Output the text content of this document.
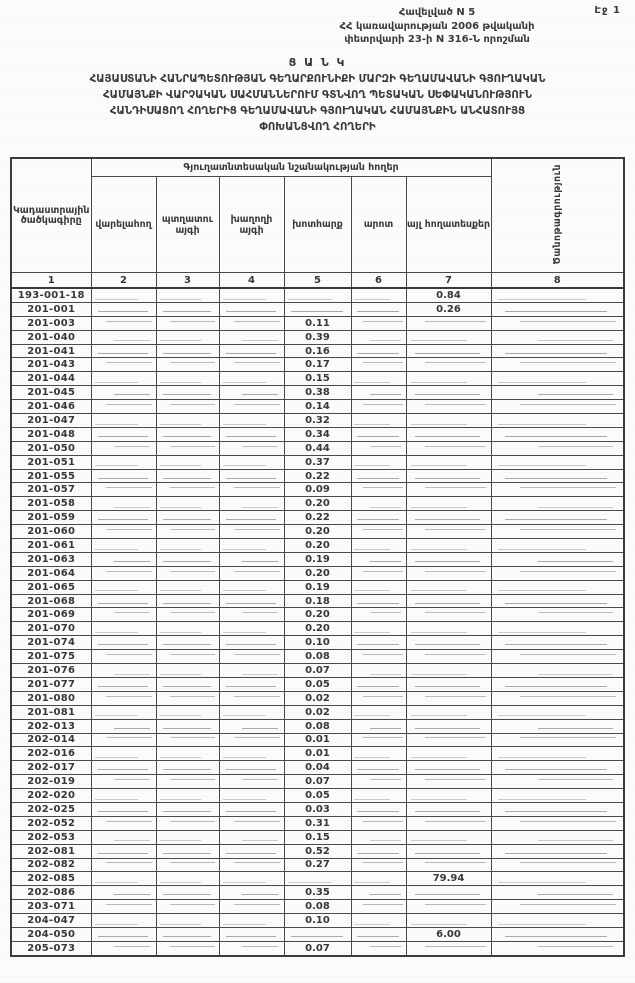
Էջ 1
Հավելված N 5
ՀՀ կառավարության 2006 թվականի
փետրվարի 23-ի N 316-Ն որոշման
Ց Ա Ն Կ
ՀԱՅԱՍՏԱՆԻ ՀԱՆՐԱՊԵՏՈՒԹՅԱՆ ԳԵՂԱՐՔՈՒՆԻՔԻ ՄԱՐԶԻ ԳԵՂԱՄԱՎԱՆԻ ԳՅՈՒՂԱԿԱՆ
ՀԱՄԱՅՆՔԻ ՎԱՐՉԱԿԱՆ ՍԱՀՄԱՆՆԵՐՈՒՄ ԳՏՆՎՈՂ ՊԵՏԱԿԱՆ ՍԵՓԱԿԱՆՈՒԹՅՈՒՆ
ՀԱՆԴԻՍԱՑՈՂ ՀՈՂԵՐԻՑ ԳԵՂԱՄԱՎԱՆԻ ԳՅՈՒՂԱԿԱՆ ՀԱՄԱՅՆՔԻՆ ԱՆՀԱՏՈՒՅՑ
ՓՈԽԱՆՑՎՈՂ ՀՈՂԵՐԻ
Կադաստրային ծածկագիրը	Գյուղատնտեսական նշանակության հողեր						Ծանոթագրություն
	վարելահող	պտղատու այգի	խաղողի այգի	խոտհարք	արոտ	այլ հողատեսքեր	
1	2	3	4	5	6	7	8
193-001-18						0.84	
201-001						0.26	
201-003				0.11			
201-040				0.39			
201-041				0.16			
201-043				0.17			
201-044				0.15			
201-045				0.38			
201-046				0.14			
201-047				0.32			
201-048				0.34			
201-050				0.44			
201-051				0.37			
201-055				0.22			
201-057				0.09			
201-058				0.20			
201-059				0.22			
201-060				0.20			
201-061				0.20			
201-063				0.19			
201-064				0.20			
201-065				0.19			
201-068				0.18			
201-069				0.20			
201-070				0.20			
201-074				0.10			
201-075				0.08			
201-076				0.07			
201-077				0.05			
201-080				0.02			
201-081				0.02			
202-013				0.08			
202-014				0.01			
202-016				0.01			
202-017				0.04			
202-019				0.07			
202-020				0.05			
202-025				0.03			
202-052				0.31			
202-053				0.15			
202-081				0.52			
202-082				0.27			
202-085						79.94	
202-086				0.35			
203-071				0.08			
204-047				0.10			
204-050						6.00	
205-073				0.07			
